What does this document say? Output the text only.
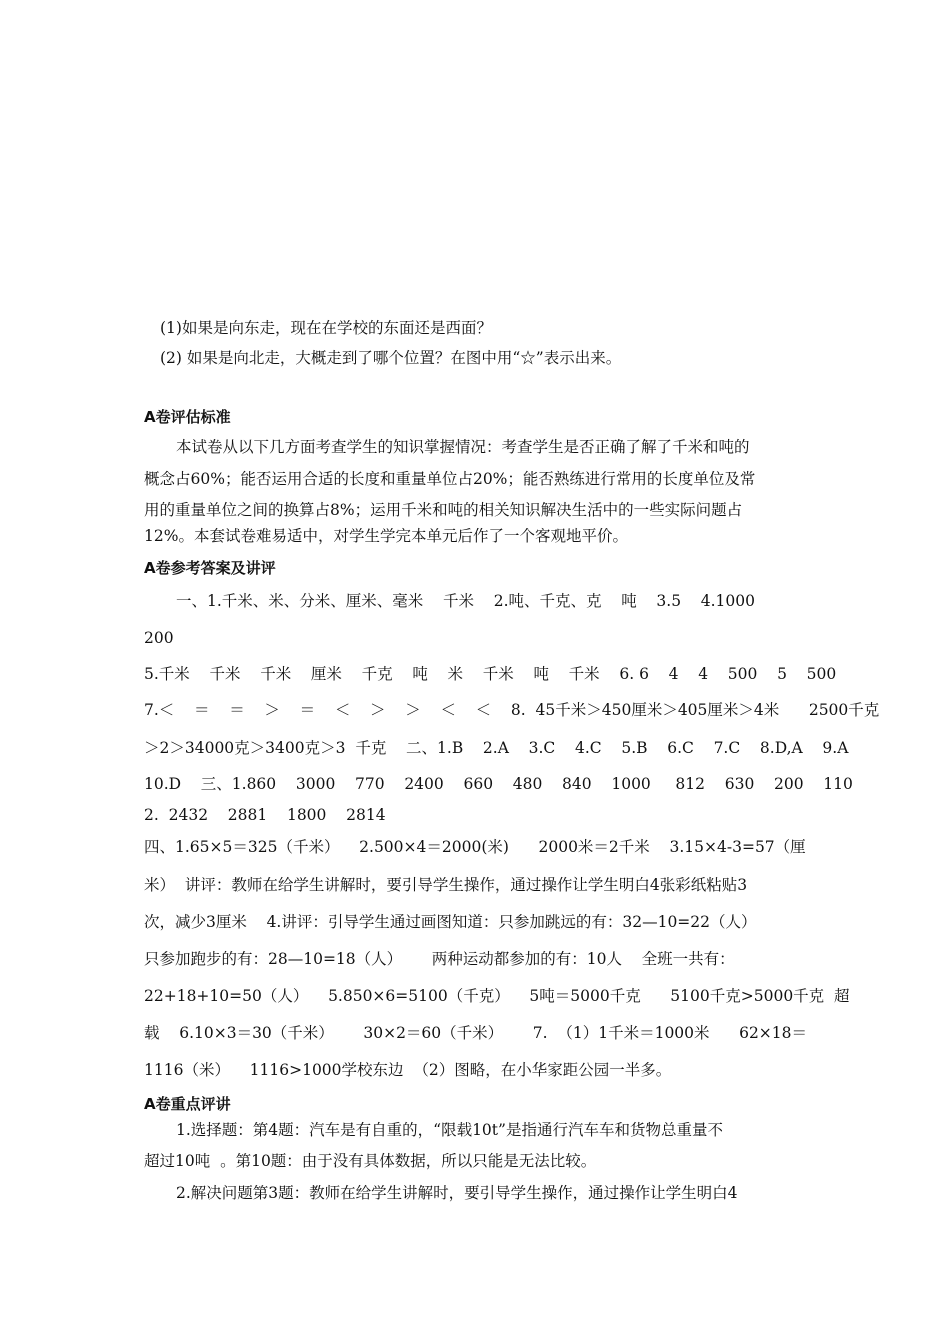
(1)如果是向东走，现在在学校的东面还是西面？
(2) 如果是向北走，大概走到了哪个位置？在图中用“☆”表示出来。
A卷评估标准
本试卷从以下几方面考查学生的知识掌握情况：考查学生是否正确了解了千米和吨的
概念占60%；能否运用合适的长度和重量单位占20%；能否熟练进行常用的长度单位及常
用的重量单位之间的换算占8%；运用千米和吨的相关知识解决生活中的一些实际问题占
12%。本套试卷难易适中，对学生学完本单元后作了一个客观地平价。
A卷参考答案及讲评
一、1.千米、米、分米、厘米、毫米    千米    2.吨、千克、克    吨    3.5    4.1000
200
5.千米    千米    千米    厘米    千克    吨    米    千米    吨    千米    6. 6    4    4    500    5    500
7.＜    ＝    ＝    ＞    ＝    ＜    ＞    ＞    ＜    ＜    8.  45千米＞450厘米＞405厘米＞4米      2500千克
＞2＞34000克＞3400克＞3  千克    二、1.B    2.A    3.C    4.C    5.B    6.C    7.C    8.D,A    9.A
10.D    三、1.860    3000    770    2400    660    480    840    1000     812    630    200    110
2.  2432    2881    1800    2814
四、1.65×5＝325（千米）    2.500×4＝2000(米)      2000米＝2千米    3.15×4-3=57（厘
米）  讲评：教师在给学生讲解时，要引导学生操作，通过操作让学生明白4张彩纸粘贴3
次，减少3厘米    4.讲评：引导学生通过画图知道：只参加跳远的有：32—10=22（人）
只参加跑步的有：28—10=18（人）      两种运动都参加的有：10人    全班一共有：
22+18+10=50（人）    5.850×6=5100（千克）    5吨＝5000千克      5100千克>5000千克  超
载    6.10×3＝30（千米）      30×2＝60（千米）      7.  （1）1千米＝1000米      62×18＝
1116（米）    1116>1000学校东边  （2）图略，在小华家距公园一半多。
A卷重点评讲
1.选择题：第4题：汽车是有自重的，“限载10t”是指通行汽车车和货物总重量不
超过10吨  。第10题：由于没有具体数据，所以只能是无法比较。
2.解决问题第3题：教师在给学生讲解时，要引导学生操作，通过操作让学生明白4
